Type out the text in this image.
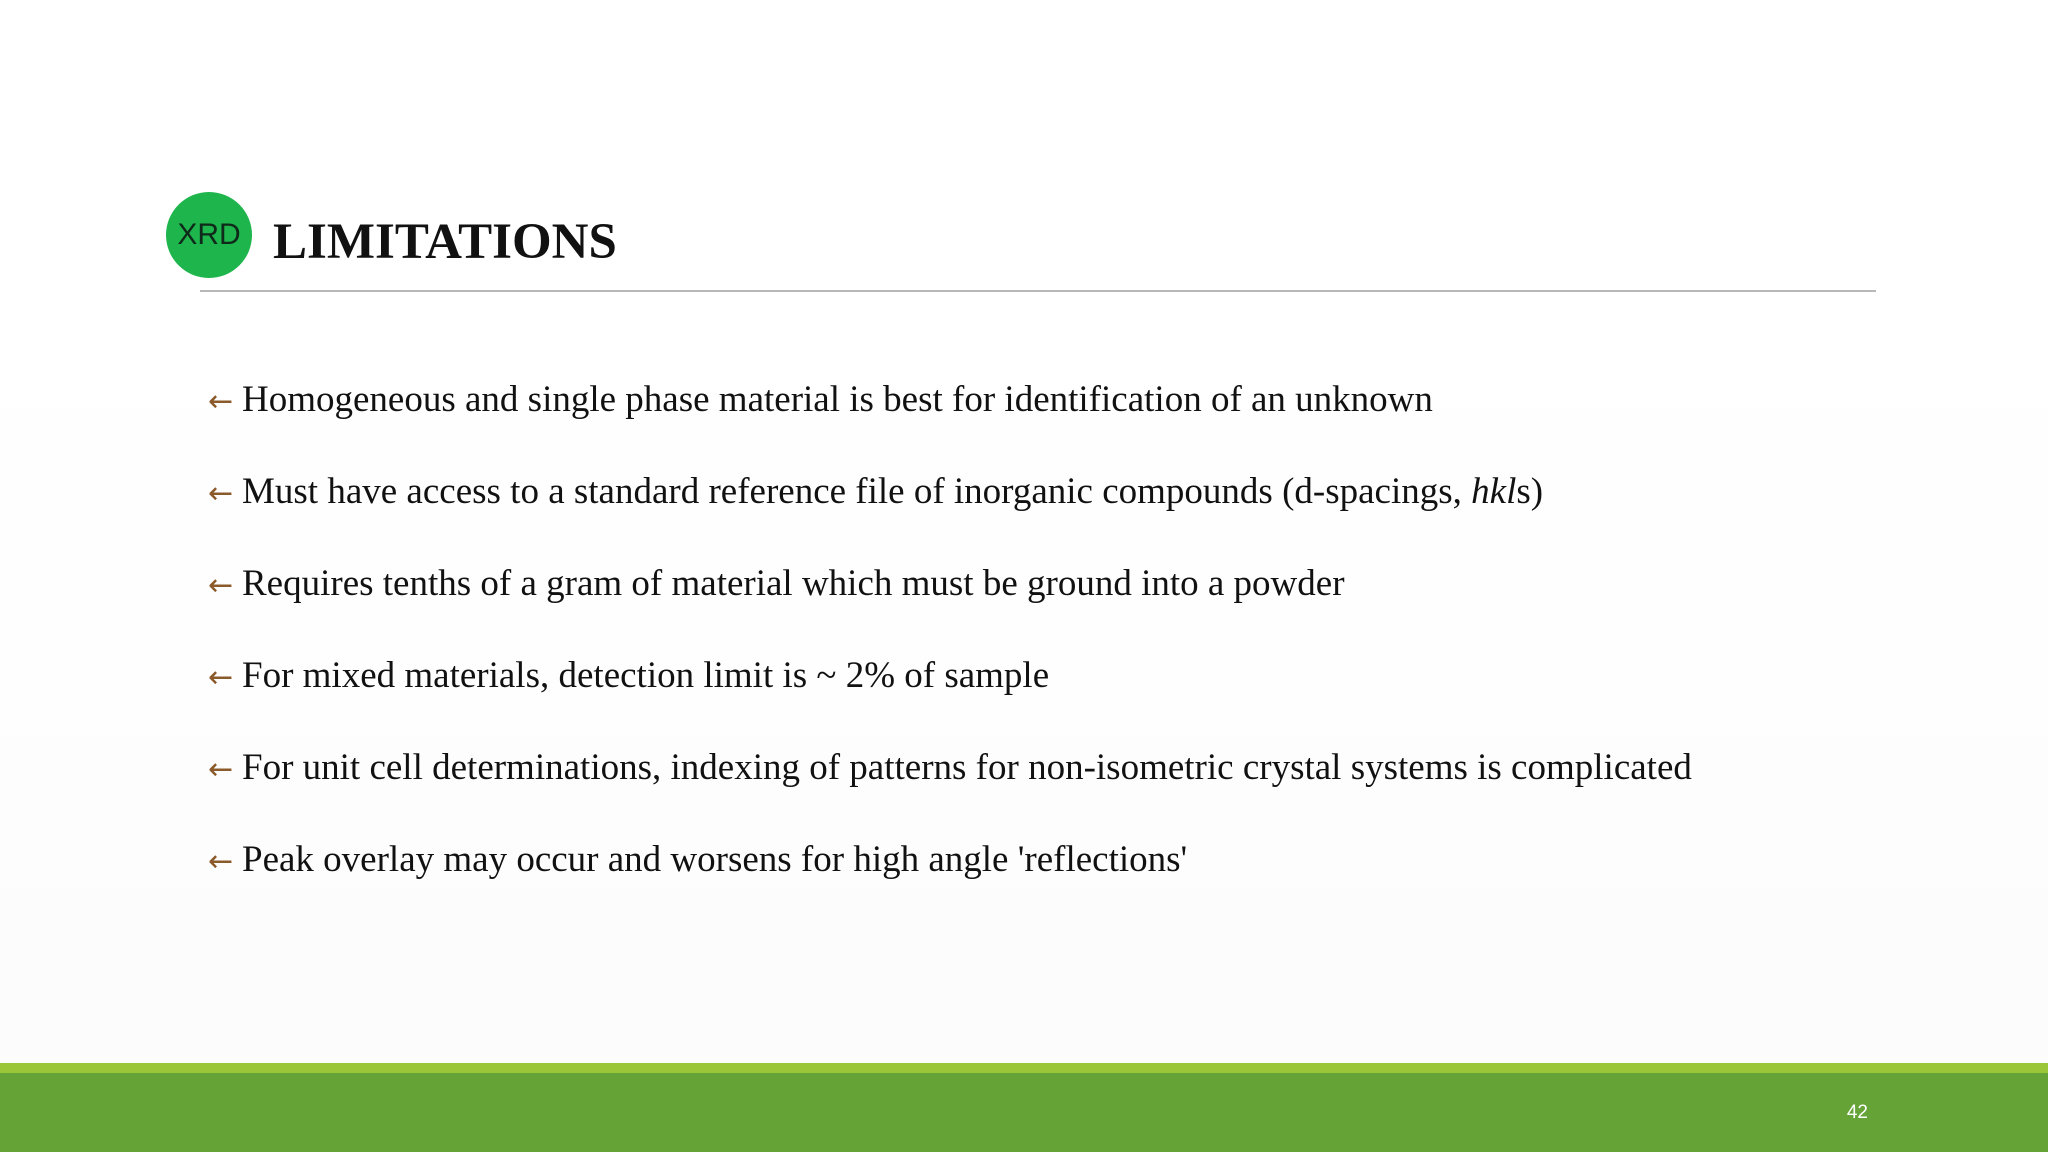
XRD LIMITATIONS
← Homogeneous and single phase material is best for identification of an unknown
← Must have access to a standard reference file of inorganic compounds (d-spacings, hkls)
← Requires tenths of a gram of material which must be ground into a powder
← For mixed materials, detection limit is ~ 2% of sample
← For unit cell determinations, indexing of patterns for non-isometric crystal systems is complicated
← Peak overlay may occur and worsens for high angle 'reflections'
42
